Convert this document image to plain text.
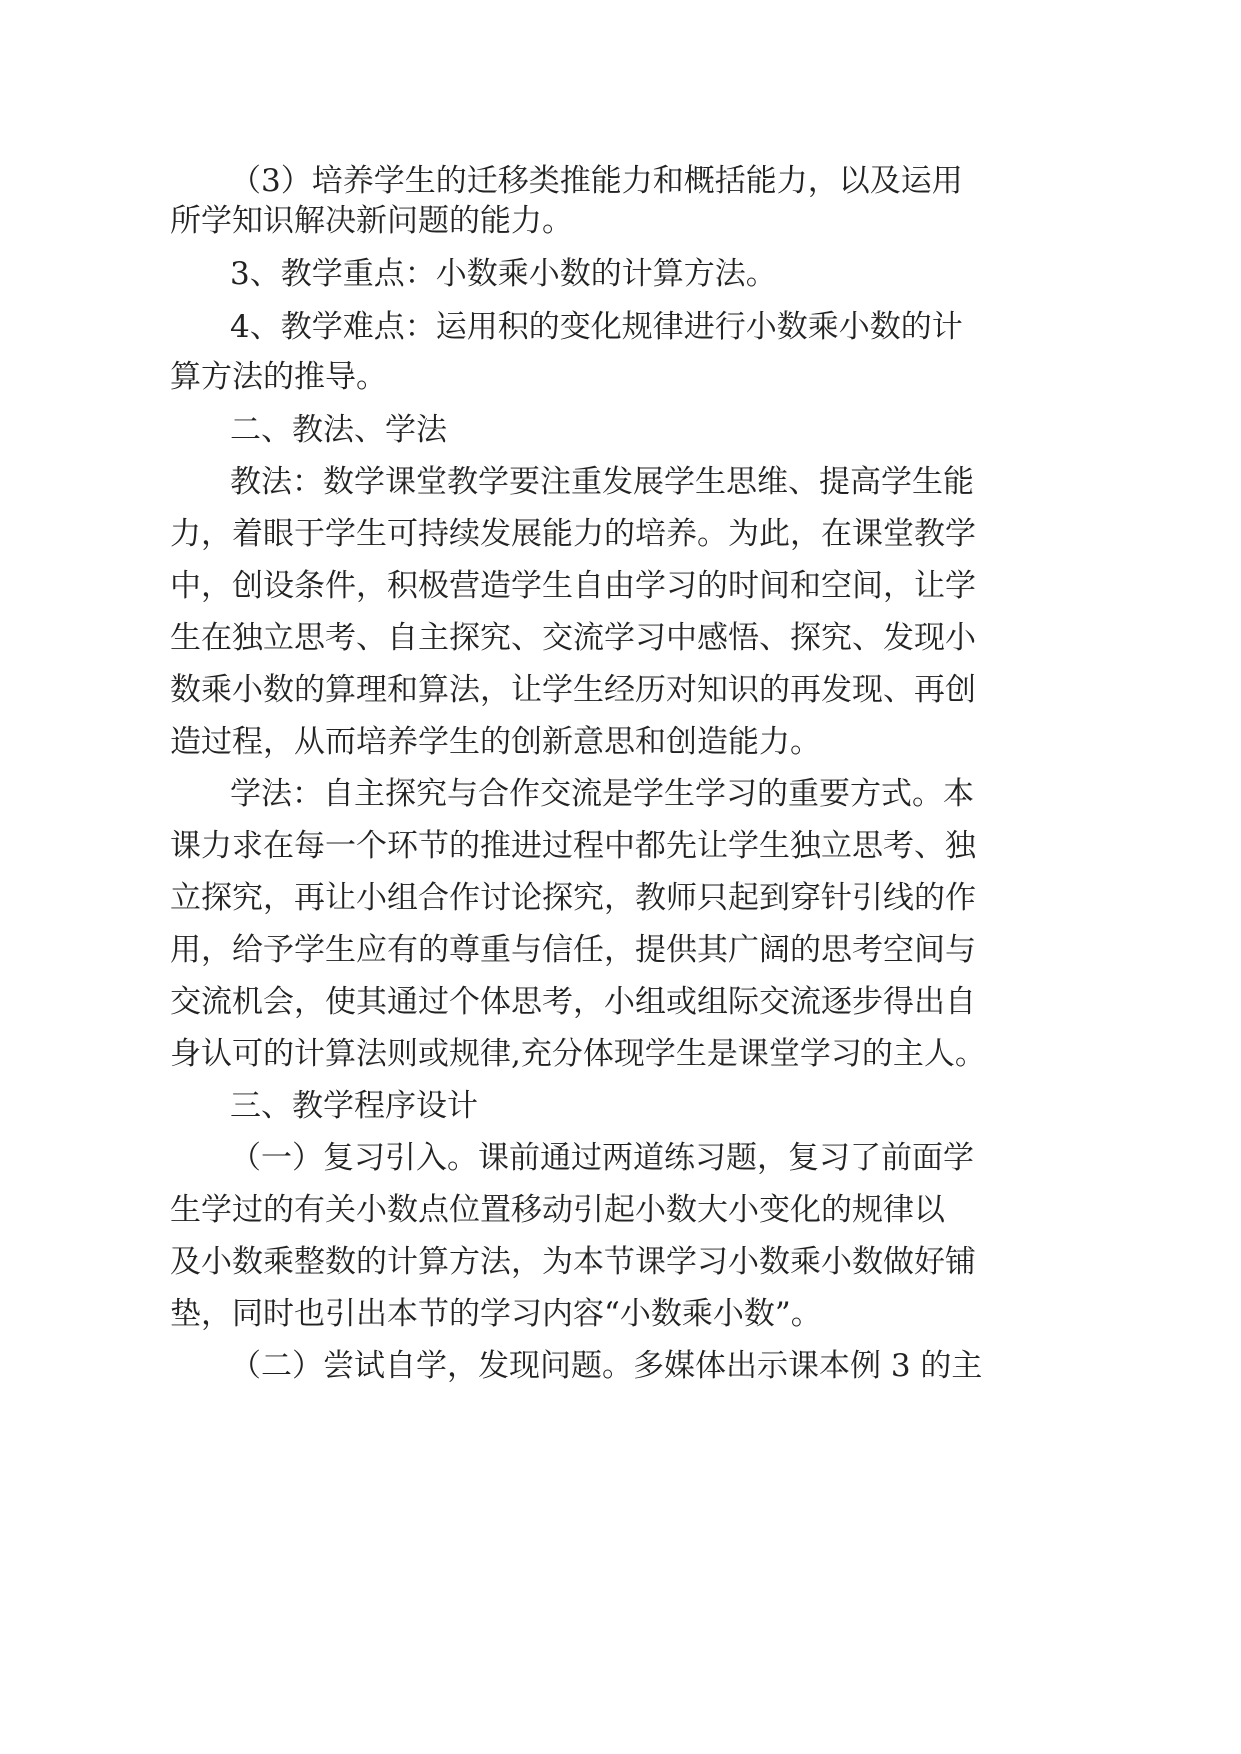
（3）培养学生的迁移类推能力和概括能力，以及运用
所学知识解决新问题的能力。
3、教学重点：小数乘小数的计算方法。
4、教学难点：运用积的变化规律进行小数乘小数的计
算方法的推导。
二、教法、学法
教法：数学课堂教学要注重发展学生思维、提高学生能
力，着眼于学生可持续发展能力的培养。为此，在课堂教学
中，创设条件，积极营造学生自由学习的时间和空间，让学
生在独立思考、自主探究、交流学习中感悟、探究、发现小
数乘小数的算理和算法，让学生经历对知识的再发现、再创
造过程，从而培养学生的创新意思和创造能力。
学法：自主探究与合作交流是学生学习的重要方式。本
课力求在每一个环节的推进过程中都先让学生独立思考、独
立探究，再让小组合作讨论探究，教师只起到穿针引线的作
用，给予学生应有的尊重与信任，提供其广阔的思考空间与
交流机会，使其通过个体思考，小组或组际交流逐步得出自
身认可的计算法则或规律,充分体现学生是课堂学习的主人。
三、教学程序设计
（一）复习引入。课前通过两道练习题，复习了前面学
生学过的有关小数点位置移动引起小数大小变化的规律以
及小数乘整数的计算方法，为本节课学习小数乘小数做好铺
垫，同时也引出本节的学习内容“小数乘小数”。
（二）尝试自学，发现问题。多媒体出示课本例 3 的主
